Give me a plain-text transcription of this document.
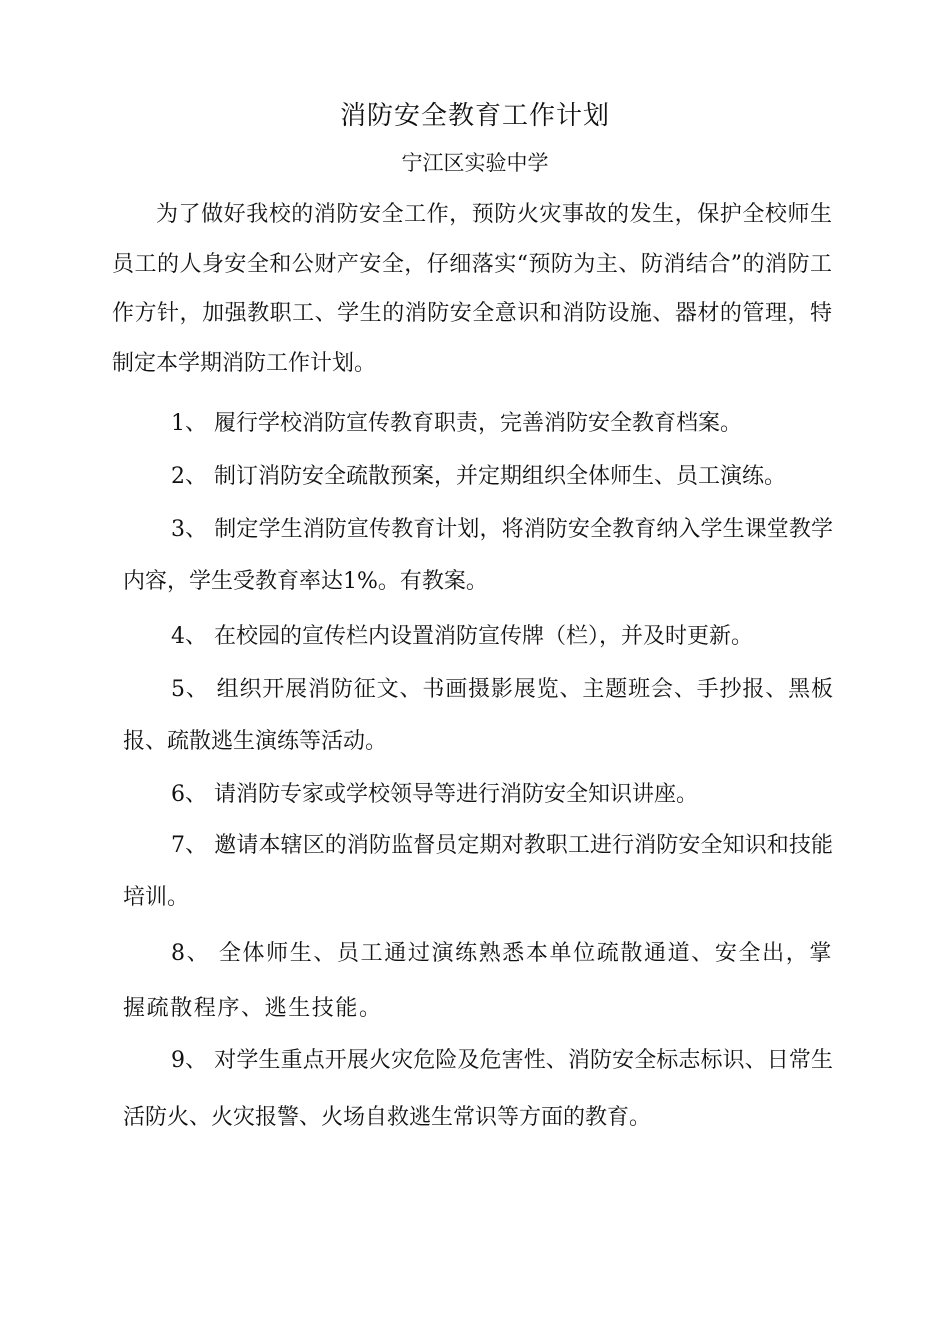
消防安全教育工作计划
宁江区实验中学

为了做好我校的消防安全工作，预防火灾事故的发生，保护全校师生员工的人身安全和公财产安全，仔细落实“预防为主、防消结合”的消防工作方针，加强教职工、学生的消防安全意识和消防设施、器材的管理，特制定本学期消防工作计划。

1、 履行学校消防宣传教育职责，完善消防安全教育档案。

2、 制订消防安全疏散预案，并定期组织全体师生、员工演练。

3、 制定学生消防宣传教育计划，将消防安全教育纳入学生课堂教学内容，学生受教育率达1%。有教案。

4、 在校园的宣传栏内设置消防宣传牌（栏），并及时更新。

5、 组织开展消防征文、书画摄影展览、主题班会、手抄报、黑板报、疏散逃生演练等活动。

6、 请消防专家或学校领导等进行消防安全知识讲座。

7、 邀请本辖区的消防监督员定期对教职工进行消防安全知识和技能培训。

8、 全体师生、员工通过演练熟悉本单位疏散通道、安全出，掌握疏散程序、逃生技能。

9、 对学生重点开展火灾危险及危害性、消防安全标志标识、日常生活防火、火灾报警、火场自救逃生常识等方面的教育。
